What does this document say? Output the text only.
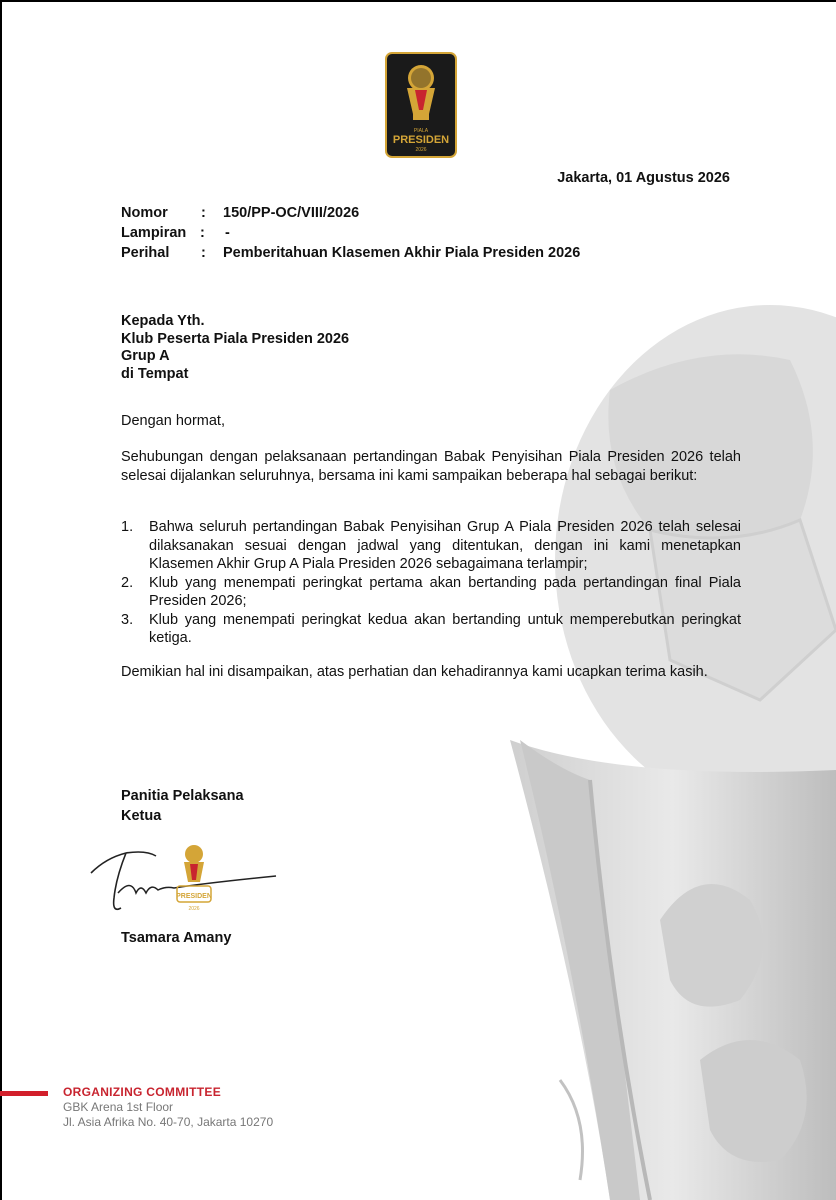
PIALA
PRESIDEN
2026
Jakarta, 01 Agustus 2026
Nomor : 150/PP-OC/VIII/2026
Lampiran : -
Perihal : Pemberitahuan Klasemen Akhir Piala Presiden 2026
Kepada Yth.
Klub Peserta Piala Presiden 2026
Grup A
di Tempat
Dengan hormat,
Sehubungan dengan pelaksanaan pertandingan Babak Penyisihan Piala Presiden 2026 telah selesai dijalankan seluruhnya, bersama ini kami sampaikan beberapa hal sebagai berikut:
1.	Bahwa seluruh pertandingan Babak Penyisihan Grup A Piala Presiden 2026 telah selesai dilaksanakan sesuai dengan jadwal yang ditentukan, dengan ini kami menetapkan Klasemen Akhir Grup A Piala Presiden 2026 sebagaimana terlampir;
2.	Klub yang menempati peringkat pertama akan bertanding pada pertandingan final Piala Presiden 2026;
3.	Klub yang menempati peringkat kedua akan bertanding untuk memperebutkan peringkat ketiga.
Demikian hal ini disampaikan, atas perhatian dan kehadirannya kami ucapkan terima kasih.
Panitia Pelaksana
Ketua
PRESIDEN
2026
Tsamara Amany
ORGANIZING COMMITTEE
GBK Arena 1st Floor
Jl. Asia Afrika No. 40-70, Jakarta 10270
